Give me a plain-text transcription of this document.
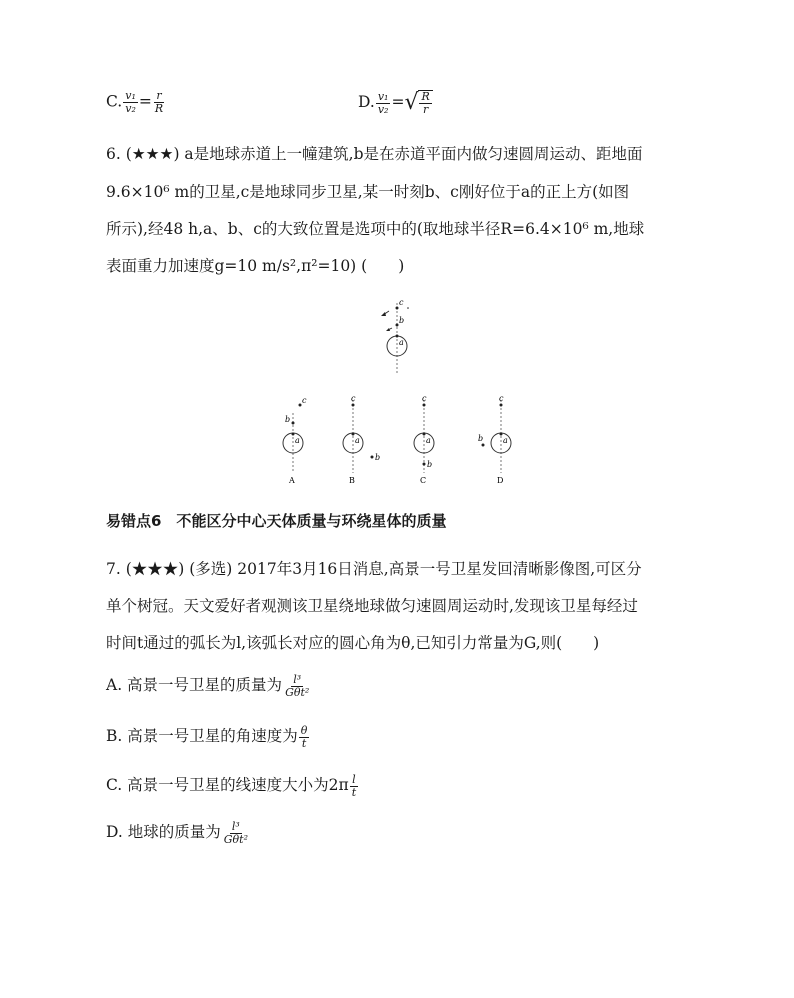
C. $\frac{\text{v₁}}{\text{v₂}} = \frac{r}{R}$	D. $\frac{\text{v₁}}{\text{v₂}}$ = √ $\frac{R}{r}$
6. (★★★) a是地球赤道上一幢建筑,b是在赤道平面内做匀速圆周运动、距地面
9.6×10⁶ m的卫星,c是地球同步卫星,某一时刻b、c刚好位于a的正上方(如图
所示),经48 h,a、b、c的大致位置是选项中的(取地球半径R=6.4×10⁶ m,地球
表面重力加速度g=10 m/s²,π²=10) (　　)
c
b
a
a
b
c
A
a
c
b
B
a
c
b
C
a
c
b
D
易错点6　不能区分中心天体质量与环绕星体的质量
7. (★★★) (多选) 2017年3月16日消息,高景一号卫星发回清晰影像图,可区分
单个树冠。天文爱好者观测该卫星绕地球做匀速圆周运动时,发现该卫星每经过
时间t通过的弧长为l,该弧长对应的圆心角为θ,已知引力常量为G,则(　　)
A. 高景一号卫星的质量为 $\frac{\text{l³}}{\text{Gθt²}}$
B. 高景一号卫星的角速度为 $\frac{\theta}{t}$
C. 高景一号卫星的线速度大小为$2\pi \frac{l}{t}$
D. 地球的质量为 $\frac{\text{l³}}{\text{Gθt²}}$
